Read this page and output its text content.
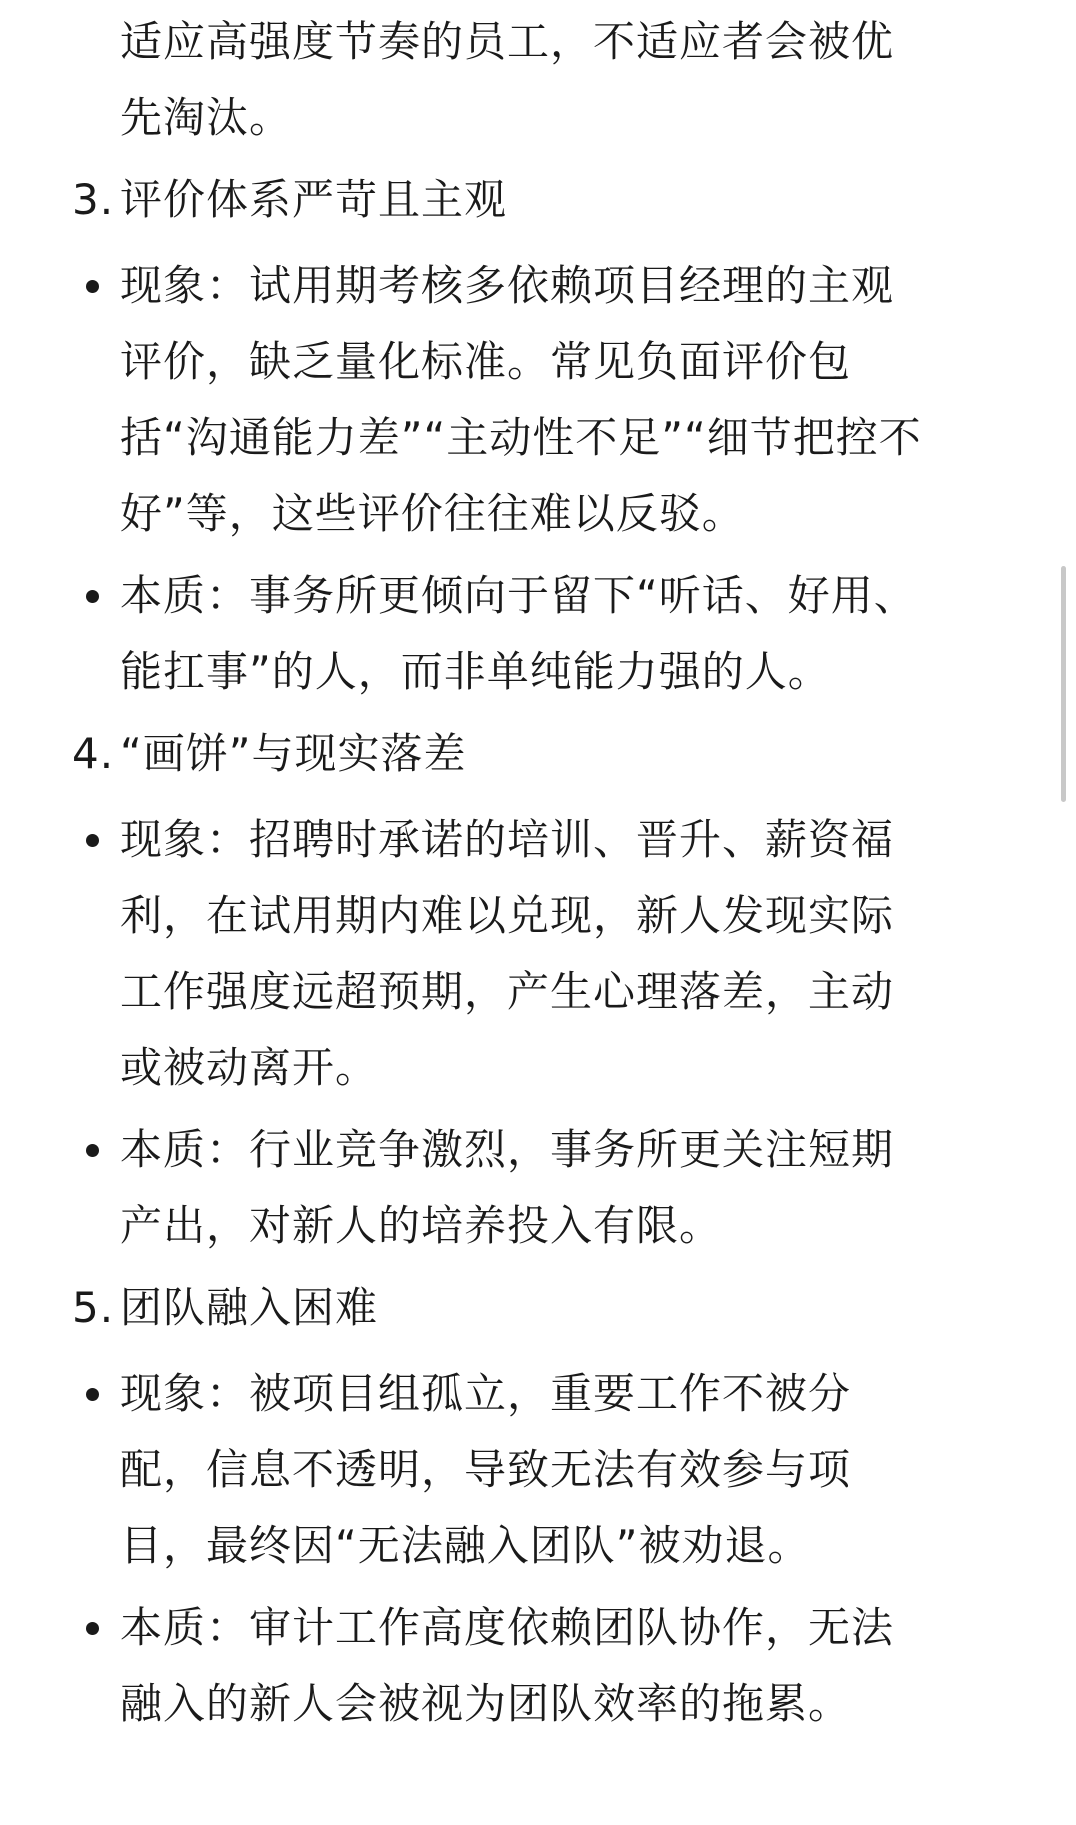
适应高强度节奏的员工，不适应者会被优
先淘汰。
3. 评价体系严苛且主观
现象：试用期考核多依赖项目经理的主观
评价，缺乏量化标准。常见负面评价包
括“沟通能力差”“主动性不足”“细节把控不
好”等，这些评价往往难以反驳。
本质：事务所更倾向于留下“听话、好用、
能扛事”的人，而非单纯能力强的人。
4. “画饼”与现实落差
现象：招聘时承诺的培训、晋升、薪资福
利，在试用期内难以兑现，新人发现实际
工作强度远超预期，产生心理落差，主动
或被动离开。
本质：行业竞争激烈，事务所更关注短期
产出，对新人的培养投入有限。
5. 团队融入困难
现象：被项目组孤立，重要工作不被分
配，信息不透明，导致无法有效参与项
目，最终因“无法融入团队”被劝退。
本质：审计工作高度依赖团队协作，无法
融入的新人会被视为团队效率的拖累。
